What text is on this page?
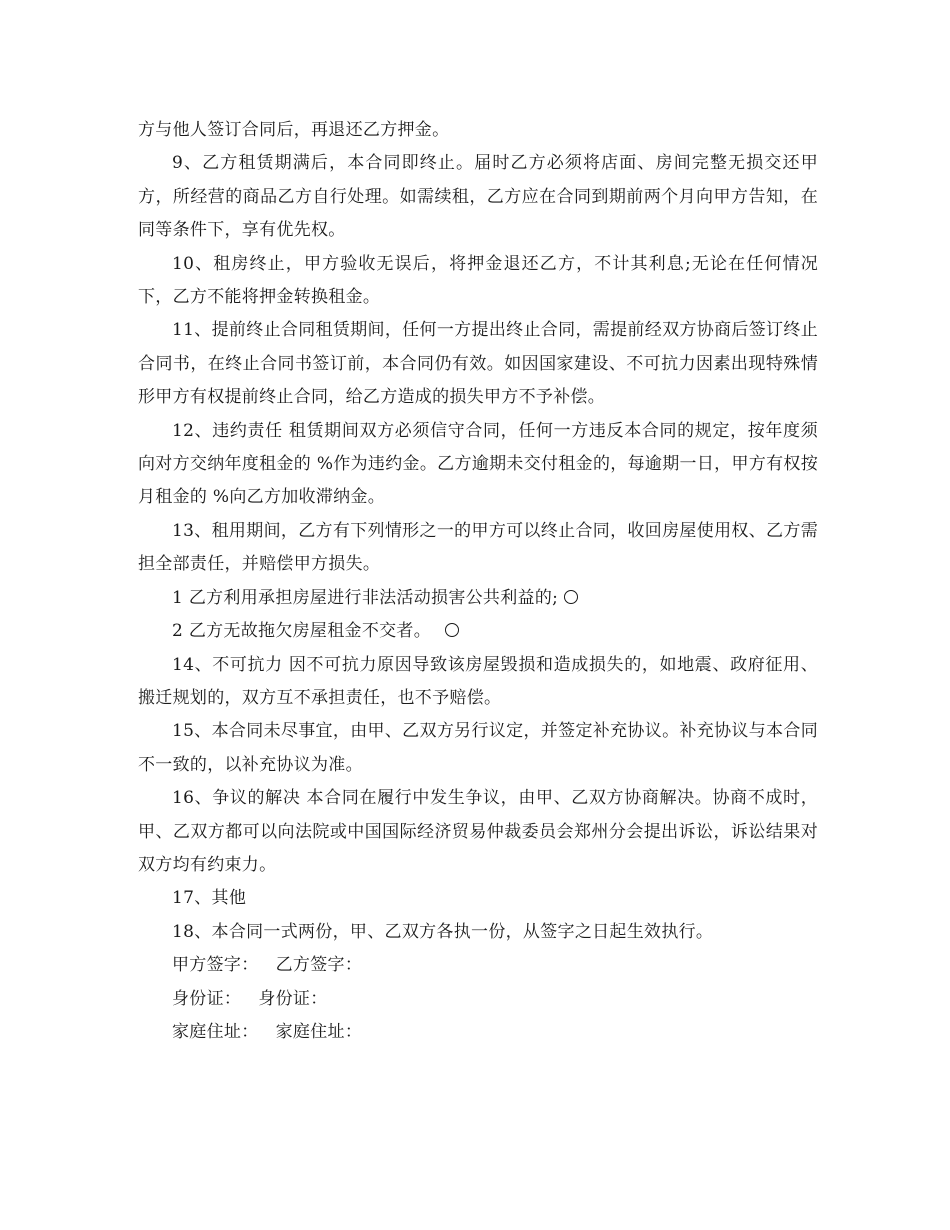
方与他人签订合同后，再退还乙方押金。

9、乙方租赁期满后，本合同即终止。届时乙方必须将店面、房间完整无损交还甲方，所经营的商品乙方自行处理。如需续租，乙方应在合同到期前两个月向甲方告知，在同等条件下，享有优先权。

10、租房终止，甲方验收无误后，将押金退还乙方，不计其利息;无论在任何情况下，乙方不能将押金转换租金。

11、提前终止合同租赁期间，任何一方提出终止合同，需提前经双方协商后签订终止合同书，在终止合同书签订前，本合同仍有效。如因国家建设、不可抗力因素出现特殊情形甲方有权提前终止合同，给乙方造成的损失甲方不予补偿。

12、违约责任 租赁期间双方必须信守合同，任何一方违反本合同的规定，按年度须向对方交纳年度租金的 %作为违约金。乙方逾期未交付租金的，每逾期一日，甲方有权按月租金的 %向乙方加收滞纳金。

13、租用期间，乙方有下列情形之一的甲方可以终止合同，收回房屋使用权、乙方需担全部责任，并赔偿甲方损失。

1 乙方利用承担房屋进行非法活动损害公共利益的;

2 乙方无故拖欠房屋租金不交者。

14、不可抗力 因不可抗力原因导致该房屋毁损和造成损失的，如地震、政府征用、搬迁规划的，双方互不承担责任，也不予赔偿。

15、本合同未尽事宜，由甲、乙双方另行议定，并签定补充协议。补充协议与本合同不一致的，以补充协议为准。

16、争议的解决 本合同在履行中发生争议，由甲、乙双方协商解决。协商不成时，甲、乙双方都可以向法院或中国国际经济贸易仲裁委员会郑州分会提出诉讼，诉讼结果对双方均有约束力。

17、其他

18、本合同一式两份，甲、乙双方各执一份，从签字之日起生效执行。

甲方签字： 乙方签字：

身份证： 身份证：

家庭住址： 家庭住址：
